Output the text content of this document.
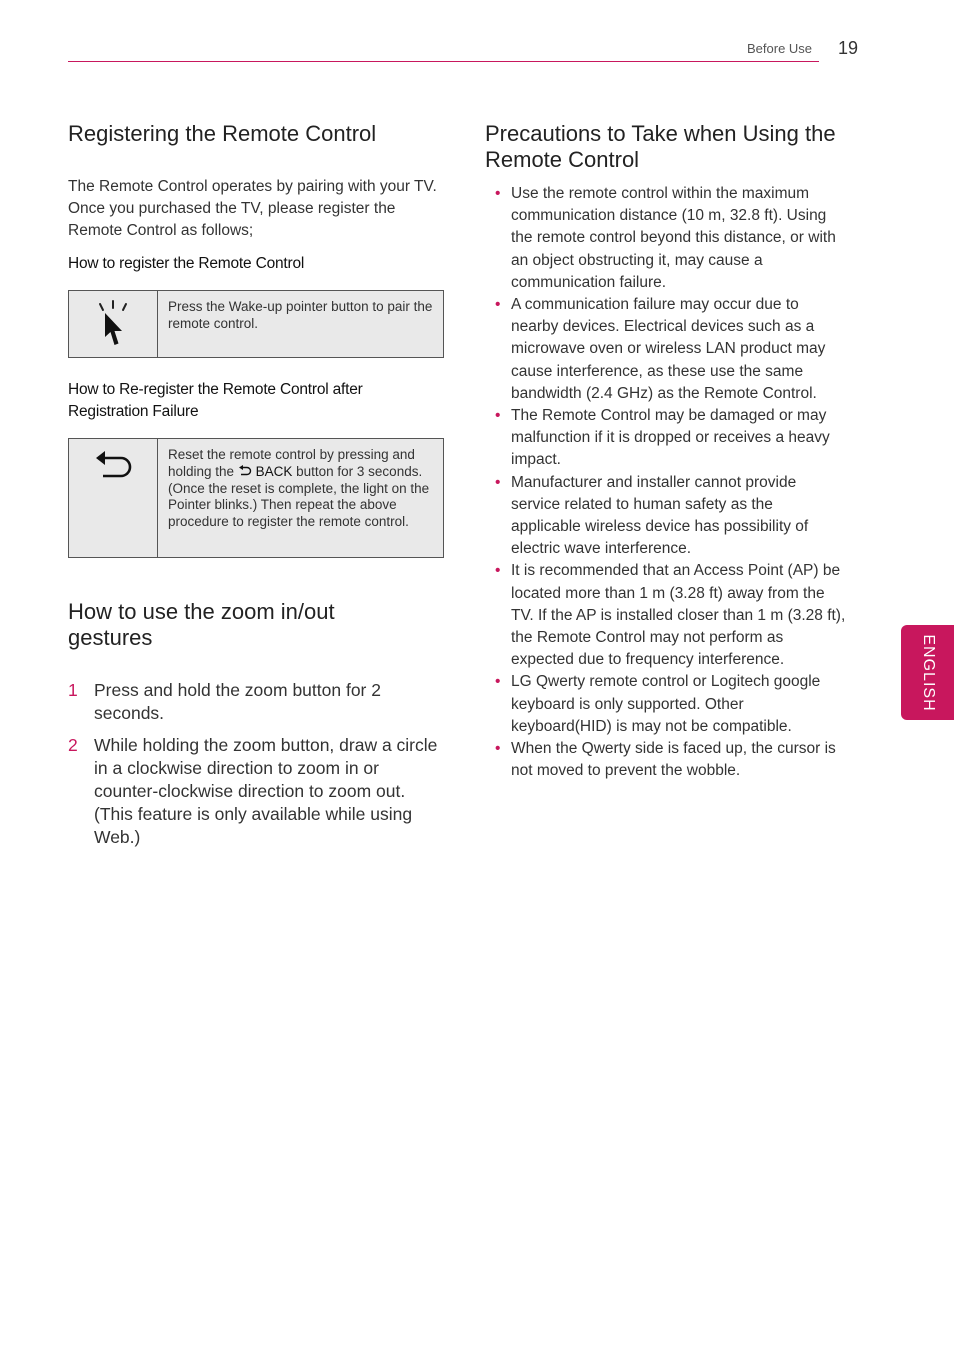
Before Use 19
Registering the Remote Control

The Remote Control operates by pairing with your TV.

Once you purchased the TV, please register the Remote Control as follows;

How to register the Remote Control
Press the Wake-up pointer button to pair the remote control.
How to Re-register the Remote Control after Registration Failure
Reset the remote control by pressing and holding the BACK button for 3 seconds. (Once the reset is complete, the light on the Pointer blinks.) Then repeat the above procedure to register the remote control.
How to use the zoom in/out gestures
1 Press and hold the zoom button for 2 seconds.
2 While holding the zoom button, draw a circle in a clockwise direction to zoom in or counter-clockwise direction to zoom out.
(This feature is only available while using Web.)
Precautions to Take when Using the Remote Control
• Use the remote control within the maximum communication distance (10 m, 32.8 ft). Using the remote control beyond this distance, or with an object obstructing it, may cause a communication failure.
• A communication failure may occur due to nearby devices. Electrical devices such as a microwave oven or wireless LAN product may cause interference, as these use the same bandwidth (2.4 GHz) as the Remote Control.
• The Remote Control may be damaged or may malfunction if it is dropped or receives a heavy impact.
• Manufacturer and installer cannot provide service related to human safety as the applicable wireless device has possibility of electric wave interference.
• It is recommended that an Access Point (AP) be located more than 1 m (3.28 ft) away from the TV. If the AP is installed closer than 1 m (3.28 ft), the Remote Control may not perform as expected due to frequency interference.
• LG Qwerty remote control or Logitech google keyboard is only supported. Other keyboard(HID) is may not be compatible.
• When the Qwerty side is faced up, the cursor is not moved to prevent the wobble.
ENGLISH
